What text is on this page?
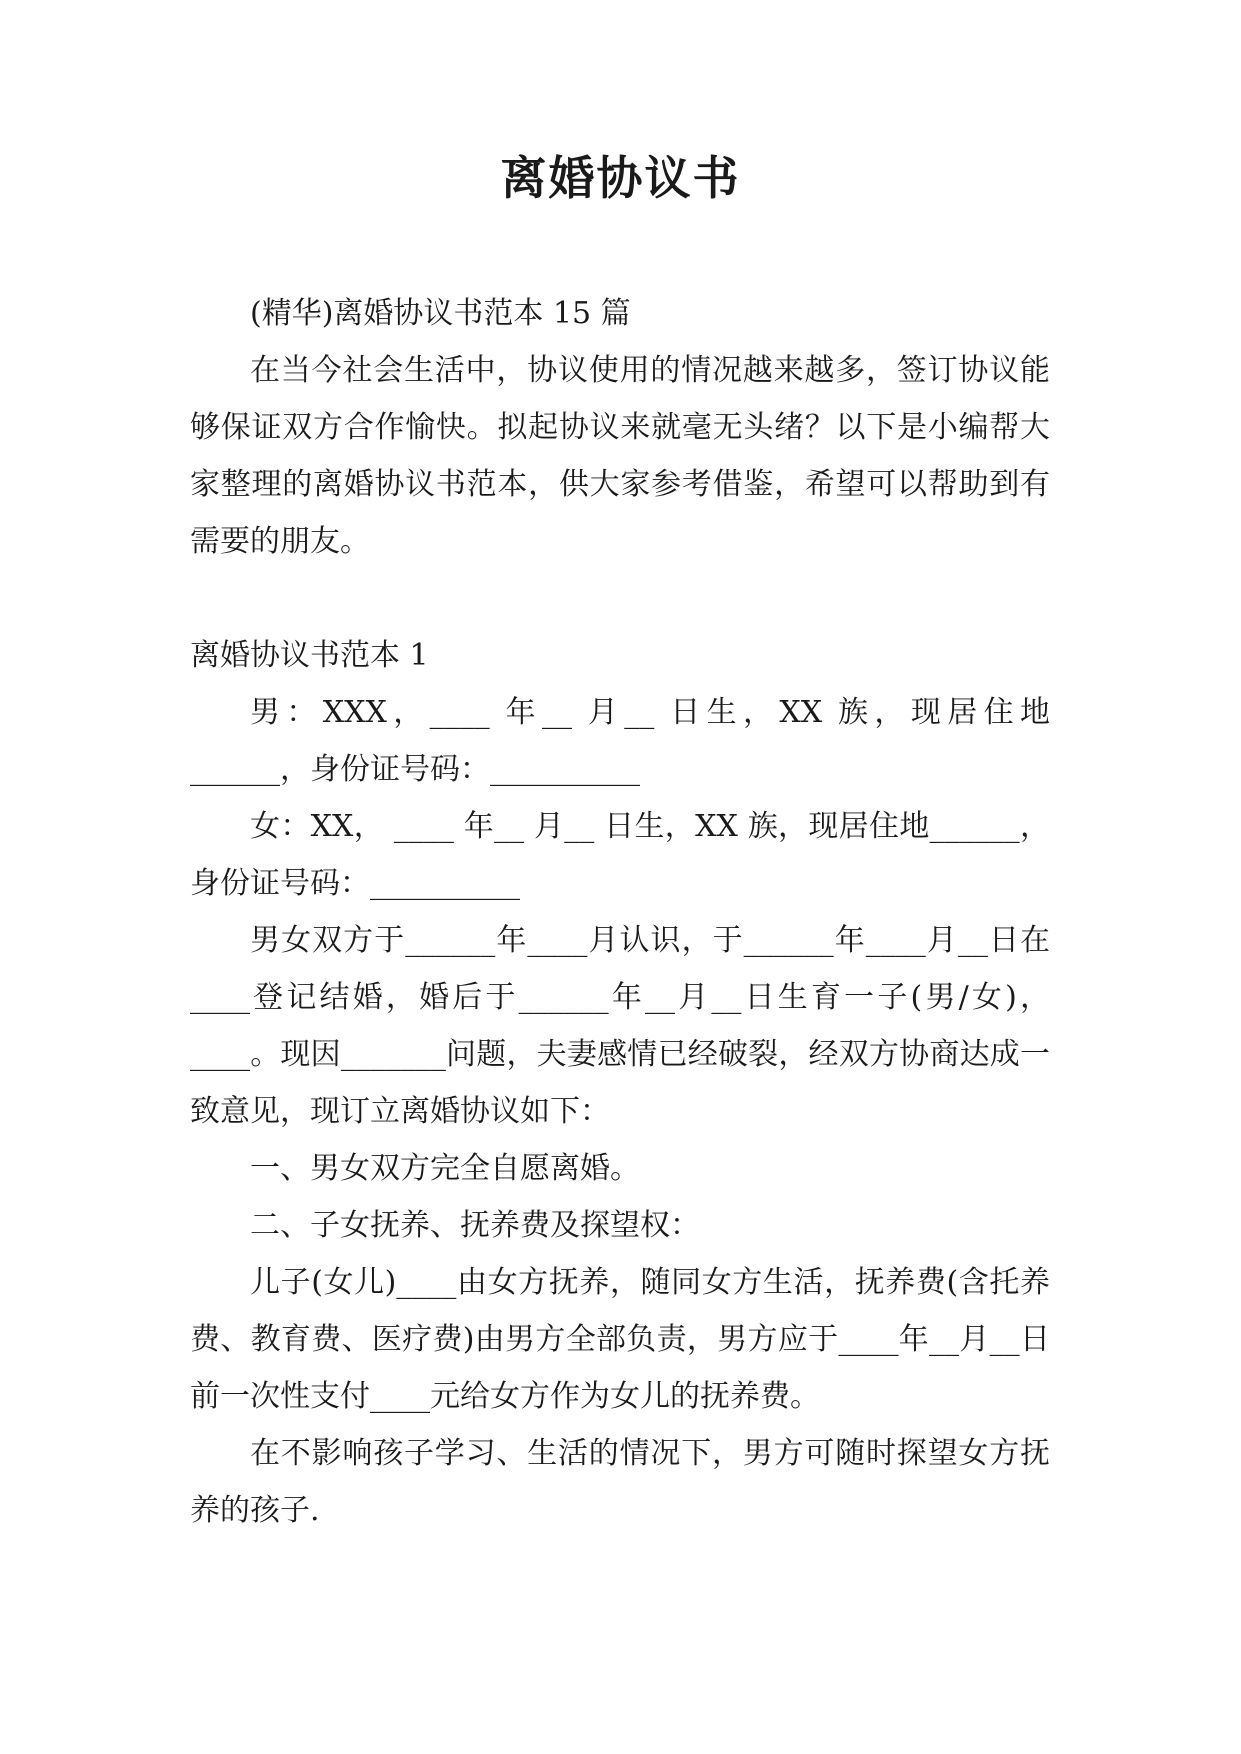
离婚协议书

(精华)离婚协议书范本 15 篇

在当今社会生活中，协议使用的情况越来越多，签订协议能够保证双方合作愉快。拟起协议来就毫无头绪？以下是小编帮大家整理的离婚协议书范本，供大家参考借鉴，希望可以帮助到有需要的朋友。

离婚协议书范本 1

男：XXX，____ 年__ 月__ 日生，XX 族，现居住地______，身份证号码：__________

女：XX， ____ 年__ 月__ 日生，XX 族，现居住地______，身份证号码：__________

男女双方于______年____月认识，于______年____月__日在____登记结婚，婚后于______年__月__日生育一子(男/女)，____。现因_______问题，夫妻感情已经破裂，经双方协商达成一致意见，现订立离婚协议如下：

一、男女双方完全自愿离婚。

二、子女抚养、抚养费及探望权：

儿子(女儿)____由女方抚养，随同女方生活，抚养费(含托养费、教育费、医疗费)由男方全部负责，男方应于____年__月__日前一次性支付____元给女方作为女儿的抚养费。

在不影响孩子学习、生活的情况下，男方可随时探望女方抚养的孩子.
